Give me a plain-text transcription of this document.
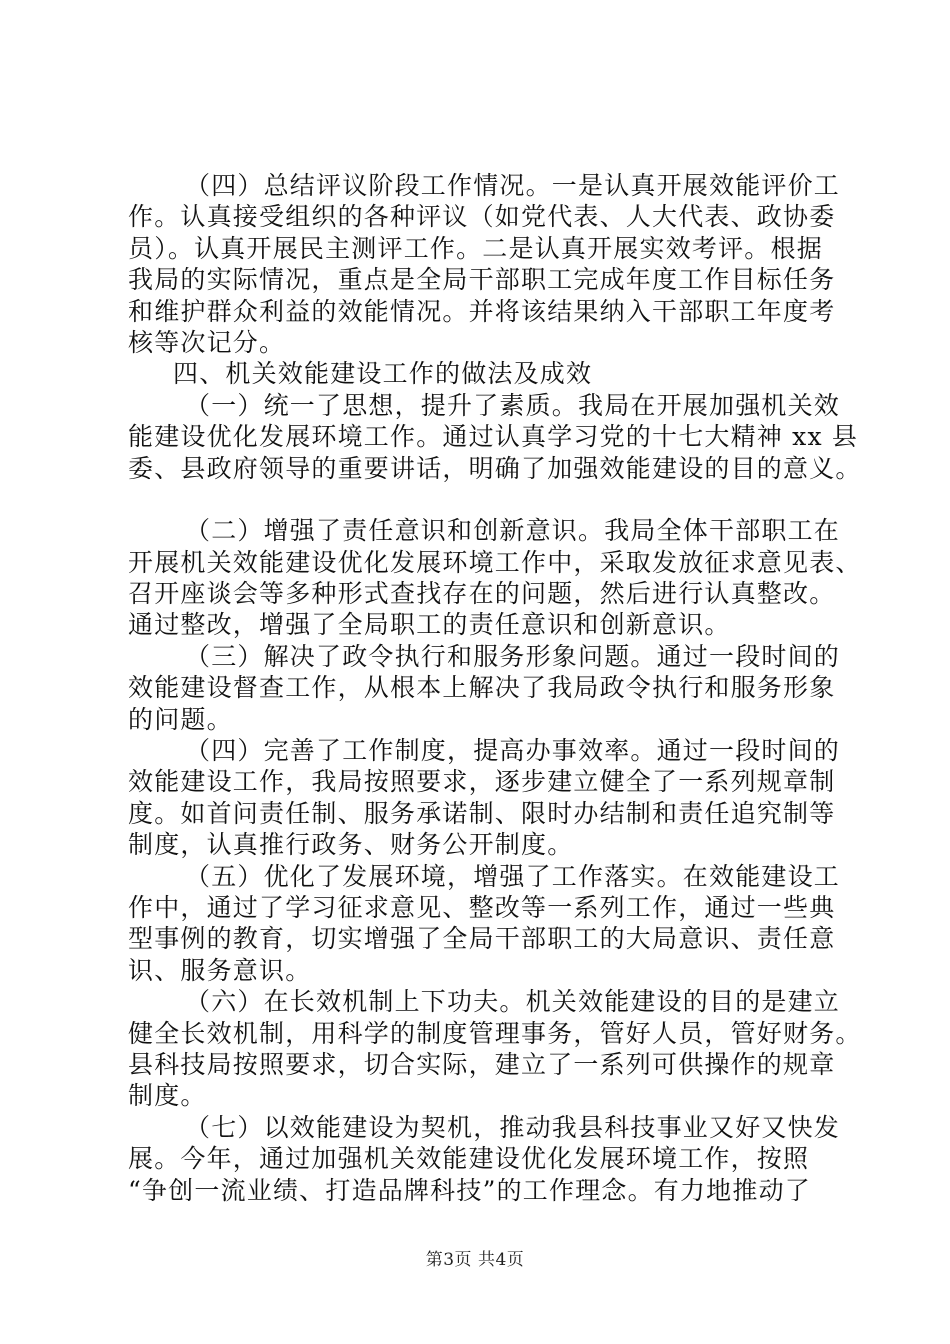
（四）总结评议阶段工作情况。一是认真开展效能评价工
作。认真接受组织的各种评议（如党代表、人大代表、政协委
员）。认真开展民主测评工作。二是认真开展实效考评。根据
我局的实际情况，重点是全局干部职工完成年度工作目标任务
和维护群众利益的效能情况。并将该结果纳入干部职工年度考
核等次记分。
四、机关效能建设工作的做法及成效
（一）统一了思想，提升了素质。我局在开展加强机关效
能建设优化发展环境工作。通过认真学习党的十七大精神 xx 县
委、县政府领导的重要讲话，明确了加强效能建设的目的意义。
（二）增强了责任意识和创新意识。我局全体干部职工在
开展机关效能建设优化发展环境工作中，采取发放征求意见表、
召开座谈会等多种形式查找存在的问题，然后进行认真整改。
通过整改，增强了全局职工的责任意识和创新意识。
（三）解决了政令执行和服务形象问题。通过一段时间的
效能建设督查工作，从根本上解决了我局政令执行和服务形象
的问题。
（四）完善了工作制度，提高办事效率。通过一段时间的
效能建设工作，我局按照要求，逐步建立健全了一系列规章制
度。如首问责任制、服务承诺制、限时办结制和责任追究制等
制度，认真推行政务、财务公开制度。
（五）优化了发展环境，增强了工作落实。在效能建设工
作中，通过了学习征求意见、整改等一系列工作，通过一些典
型事例的教育，切实增强了全局干部职工的大局意识、责任意
识、服务意识。
（六）在长效机制上下功夫。机关效能建设的目的是建立
健全长效机制，用科学的制度管理事务，管好人员，管好财务。
县科技局按照要求，切合实际，建立了一系列可供操作的规章
制度。
（七）以效能建设为契机，推动我县科技事业又好又快发
展。今年，通过加强机关效能建设优化发展环境工作，按照
“争创一流业绩、打造品牌科技”的工作理念。有力地推动了
第3页 共4页
